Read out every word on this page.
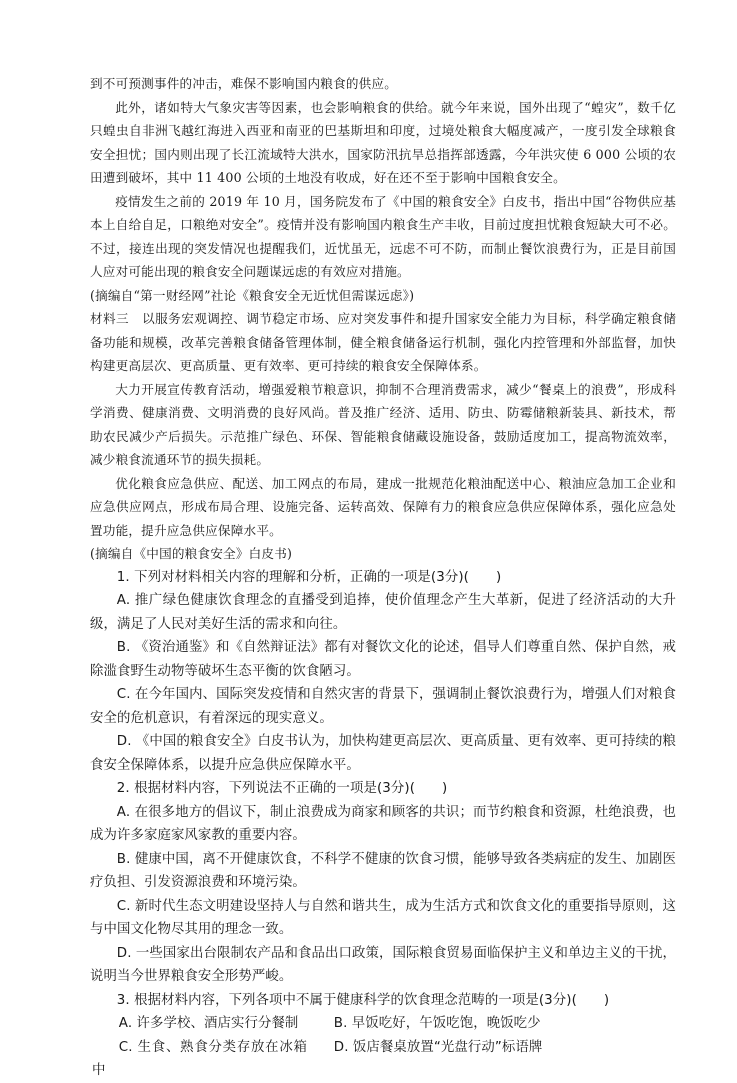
到不可预测事件的冲击，难保不影响国内粮食的供应。

此外，诸如特大气象灾害等因素，也会影响粮食的供给。就今年来说，国外出现了“蝗灾”，数千亿只蝗虫自非洲飞越红海进入西亚和南亚的巴基斯坦和印度，过境处粮食大幅度减产，一度引发全球粮食安全担忧；国内则出现了长江流域特大洪水，国家防汛抗旱总指挥部透露，今年洪灾使 6 000 公顷的农田遭到破坏，其中 11 400 公顷的土地没有收成，好在还不至于影响中国粮食安全。

疫情发生之前的 2019 年 10 月，国务院发布了《中国的粮食安全》白皮书，指出中国“谷物供应基本上自给自足，口粮绝对安全”。疫情并没有影响国内粮食生产丰收，目前过度担忧粮食短缺大可不必。不过，接连出现的突发情况也提醒我们，近忧虽无，远虑不可不防，而制止餐饮浪费行为，正是目前国人应对可能出现的粮食安全问题谋远虑的有效应对措施。

(摘编自“第一财经网”社论《粮食安全无近忧但需谋远虑》)

材料三　以服务宏观调控、调节稳定市场、应对突发事件和提升国家安全能力为目标，科学确定粮食储备功能和规模，改革完善粮食储备管理体制，健全粮食储备运行机制，强化内控管理和外部监督，加快构建更高层次、更高质量、更有效率、更可持续的粮食安全保障体系。

大力开展宣传教育活动，增强爱粮节粮意识，抑制不合理消费需求，减少“餐桌上的浪费”，形成科学消费、健康消费、文明消费的良好风尚。普及推广经济、适用、防虫、防霉储粮新装具、新技术，帮助农民减少产后损失。示范推广绿色、环保、智能粮食储藏设施设备，鼓励适度加工，提高物流效率，减少粮食流通环节的损失损耗。

优化粮食应急供应、配送、加工网点的布局，建成一批规范化粮油配送中心、粮油应急加工企业和应急供应网点，形成布局合理、设施完备、运转高效、保障有力的粮食应急供应保障体系，强化应急处置功能，提升应急供应保障水平。

(摘编自《中国的粮食安全》白皮书)

1. 下列对材料相关内容的理解和分析，正确的一项是(3分)(　　)

A. 推广绿色健康饮食理念的直播受到追捧，使价值理念产生大革新，促进了经济活动的大升级，满足了人民对美好生活的需求和向往。

B. 《资治通鉴》和《自然辩证法》都有对餐饮文化的论述，倡导人们尊重自然、保护自然，戒除滥食野生动物等破坏生态平衡的饮食陋习。

C. 在今年国内、国际突发疫情和自然灾害的背景下，强调制止餐饮浪费行为，增强人们对粮食安全的危机意识，有着深远的现实意义。

D. 《中国的粮食安全》白皮书认为，加快构建更高层次、更高质量、更有效率、更可持续的粮食安全保障体系，以提升应急供应保障水平。

2. 根据材料内容，下列说法不正确的一项是(3分)(　　)

A. 在很多地方的倡议下，制止浪费成为商家和顾客的共识；而节约粮食和资源，杜绝浪费，也成为许多家庭家风家教的重要内容。

B. 健康中国，离不开健康饮食，不科学不健康的饮食习惯，能够导致各类病症的发生、加剧医疗负担、引发资源浪费和环境污染。

C. 新时代生态文明建设坚持人与自然和谐共生，成为生活方式和饮食文化的重要指导原则，这与中国文化物尽其用的理念一致。

D. 一些国家出台限制农产品和食品出口政策，国际粮食贸易面临保护主义和单边主义的干扰，说明当今世界粮食安全形势严峻。

3. 根据材料内容，下列各项中不属于健康科学的饮食理念范畴的一项是(3分)(　　)

A. 许多学校、酒店实行分餐制	B. 早饭吃好，午饭吃饱，晚饭吃少
C. 生食、熟食分类存放在冰箱中
D. 饭店餐桌放置“光盘行动”标语牌
